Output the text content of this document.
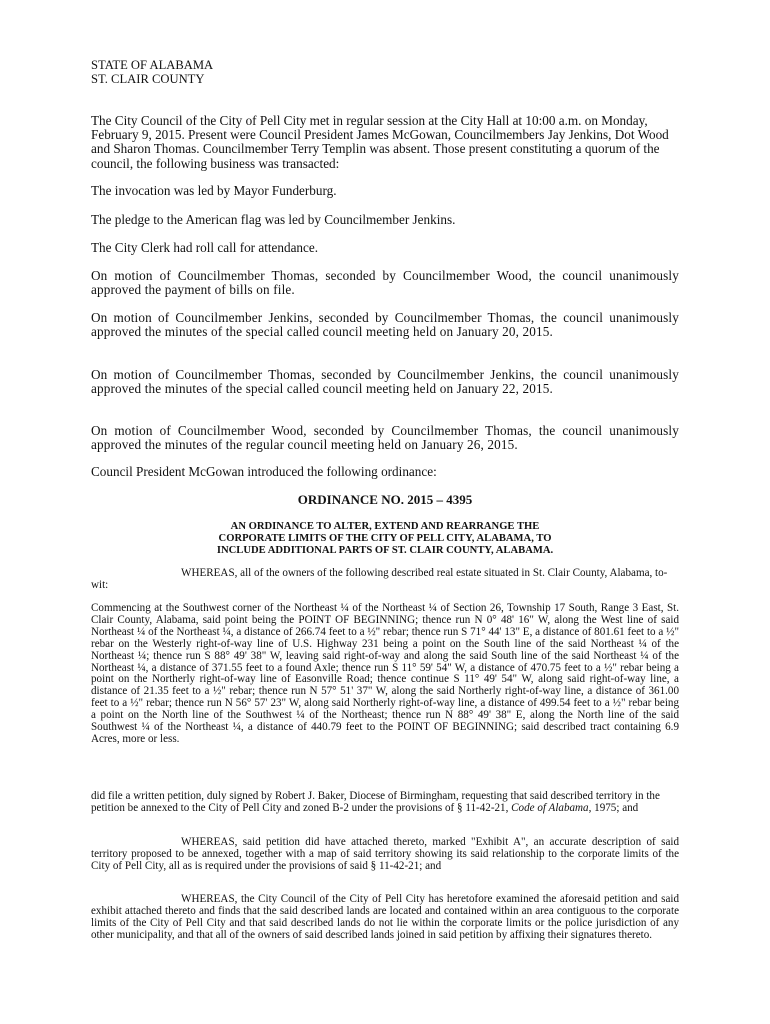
STATE OF ALABAMA
ST. CLAIR COUNTY

The City Council of the City of Pell City met in regular session at the City Hall at 10:00 a.m. on Monday, February 9, 2015. Present were Council President James McGowan, Councilmembers Jay Jenkins, Dot Wood and Sharon Thomas. Councilmember Terry Templin was absent. Those present constituting a quorum of the council, the following business was transacted:

The invocation was led by Mayor Funderburg.

The pledge to the American flag was led by Councilmember Jenkins.

The City Clerk had roll call for attendance.

On motion of Councilmember Thomas, seconded by Councilmember Wood, the council unanimously approved the payment of bills on file.

On motion of Councilmember Jenkins, seconded by Councilmember Thomas, the council unanimously approved the minutes of the special called council meeting held on January 20, 2015.

On motion of Councilmember Thomas, seconded by Councilmember Jenkins, the council unanimously approved the minutes of the special called council meeting held on January 22, 2015.

On motion of Councilmember Wood, seconded by Councilmember Thomas, the council unanimously approved the minutes of the regular council meeting held on January 26, 2015.

Council President McGowan introduced the following ordinance:

ORDINANCE NO. 2015 – 4395
AN ORDINANCE TO ALTER, EXTEND AND REARRANGE THE
CORPORATE LIMITS OF THE CITY OF PELL CITY, ALABAMA, TO
INCLUDE ADDITIONAL PARTS OF ST. CLAIR COUNTY, ALABAMA.

WHEREAS, all of the owners of the following described real estate situated in St. Clair County, Alabama, to-wit:

Commencing at the Southwest corner of the Northeast ¼ of the Northeast ¼ of Section 26, Township 17 South, Range 3 East, St. Clair County, Alabama, said point being the POINT OF BEGINNING; thence run N 0° 48' 16" W, along the West line of said Northeast ¼ of the Northeast ¼, a distance of 266.74 feet to a ½" rebar; thence run S 71° 44' 13" E, a distance of 801.61 feet to a ½" rebar on the Westerly right-of-way line of U.S. Highway 231 being a point on the South line of the said Northeast ¼ of the Northeast ¼; thence run S 88° 49' 38" W, leaving said right-of-way and along the said South line of the said Northeast ¼ of the Northeast ¼, a distance of 371.55 feet to a found Axle; thence run S 11° 59' 54" W, a distance of 470.75 feet to a ½" rebar being a point on the Northerly right-of-way line of Easonville Road; thence continue S 11° 49' 54" W, along said right-of-way line, a distance of 21.35 feet to a ½" rebar; thence run N 57° 51' 37" W, along the said Northerly right-of-way line, a distance of 361.00 feet to a ½" rebar; thence run N 56° 57' 23" W, along said Northerly right-of-way line, a distance of 499.54 feet to a ½" rebar being a point on the North line of the Southwest ¼ of the Northeast; thence run N 88° 49' 38" E, along the North line of the said Southwest ¼ of the Northeast ¼, a distance of 440.79 feet to the POINT OF BEGINNING; said described tract containing 6.9 Acres, more or less.

did file a written petition, duly signed by Robert J. Baker, Diocese of Birmingham, requesting that said described territory in the petition be annexed to the City of Pell City and zoned B-2 under the provisions of § 11-42-21, Code of Alabama, 1975; and

WHEREAS, said petition did have attached thereto, marked "Exhibit A", an accurate description of said territory proposed to be annexed, together with a map of said territory showing its said relationship to the corporate limits of the City of Pell City, all as is required under the provisions of said § 11-42-21; and

WHEREAS, the City Council of the City of Pell City has heretofore examined the aforesaid petition and said exhibit attached thereto and finds that the said described lands are located and contained within an area contiguous to the corporate limits of the City of Pell City and that said described lands do not lie within the corporate limits or the police jurisdiction of any other municipality, and that all of the owners of said described lands joined in said petition by affixing their signatures thereto.
